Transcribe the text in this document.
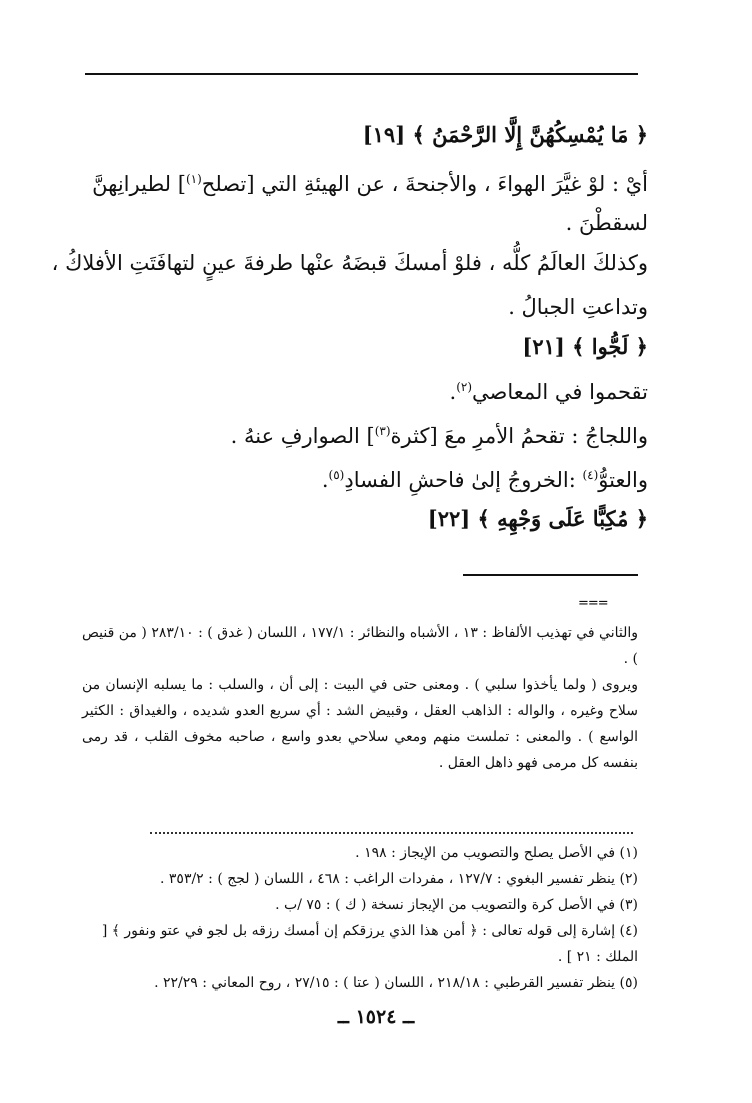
﴿ مَا يُمْسِكُهُنَّ إِلَّا الرَّحْمَنُ ﴾ [١٩]
أيْ : لوْ غيَّرَ الهواءَ ، والأجنحةَ ، عن الهيئةِ التي [تصلح$^{(١)}$] لطيرانِهنَّ
لسقطْنَ .
وكذلكَ العالَمُ كلُّه ، فلوْ أمسكَ قبضَهُ عنْها طرفةَ عينٍ لتهافَتَتِ الأفلاكُ ،
وتداعتِ الجبالُ .
﴿ لَجُّوا ﴾ [٢١]
تقحموا في المعاصي$^{(٢)}$.
واللجاجُ : تقحمُ الأمرِ معَ [كثرة$^{(٣)}$] الصوارفِ عنهُ .
والعتوُّ$^{(٤)}$ :الخروجُ إلىٰ فاحشِ الفسادِ$^{(٥)}$.
﴿ مُكِبًّا عَلَى وَجْهِهِ ﴾ [٢٢]
===
والثاني في تهذيب الألفاظ : ١٣ ، الأشباه والنظائر : ١٧٧/١ ، اللسان ( غدق ) : ٢٨٣/١٠ ( من قنيص ) .
ويروى ( ولما يأخذوا سلبي ) . ومعنى حتى في البيت : إلى أن ، والسلب : ما يسلبه الإنسان من سلاح وغيره ، والواله : الذاهب العقل ، وقبيض الشد : أي سريع العدو شديده ، والغيداق : الكثير الواسع ) . والمعنى : تملست منهم ومعي سلاحي بعدو واسع ، صاحبه مخوف القلب ، قد رمى بنفسه كل مرمى فهو ذاهل العقل .
(١) في الأصل يصلح والتصويب من الإيجاز : ١٩٨ .
(٢) ينظر تفسير البغوي : ١٢٧/٧ ، مفردات الراغب : ٤٦٨ ، اللسان ( لجج ) : ٣٥٣/٢ .
(٣) في الأصل كرة والتصويب من الإيجاز نسخة ( ك ) : ٧٥ /ب .
(٤) إشارة إلى قوله تعالى : ﴿ أمن هذا الذي يرزقكم إن أمسك رزقه بل لجو في عتو ونفور ﴾ [ الملك : ٢١ ] .
(٥) ينظر تفسير القرطبي : ٢١٨/١٨ ، اللسان ( عتا ) : ٢٧/١٥ ، روح المعاني : ٢٢/٢٩ .
ــ ١٥٢٤ ــ
